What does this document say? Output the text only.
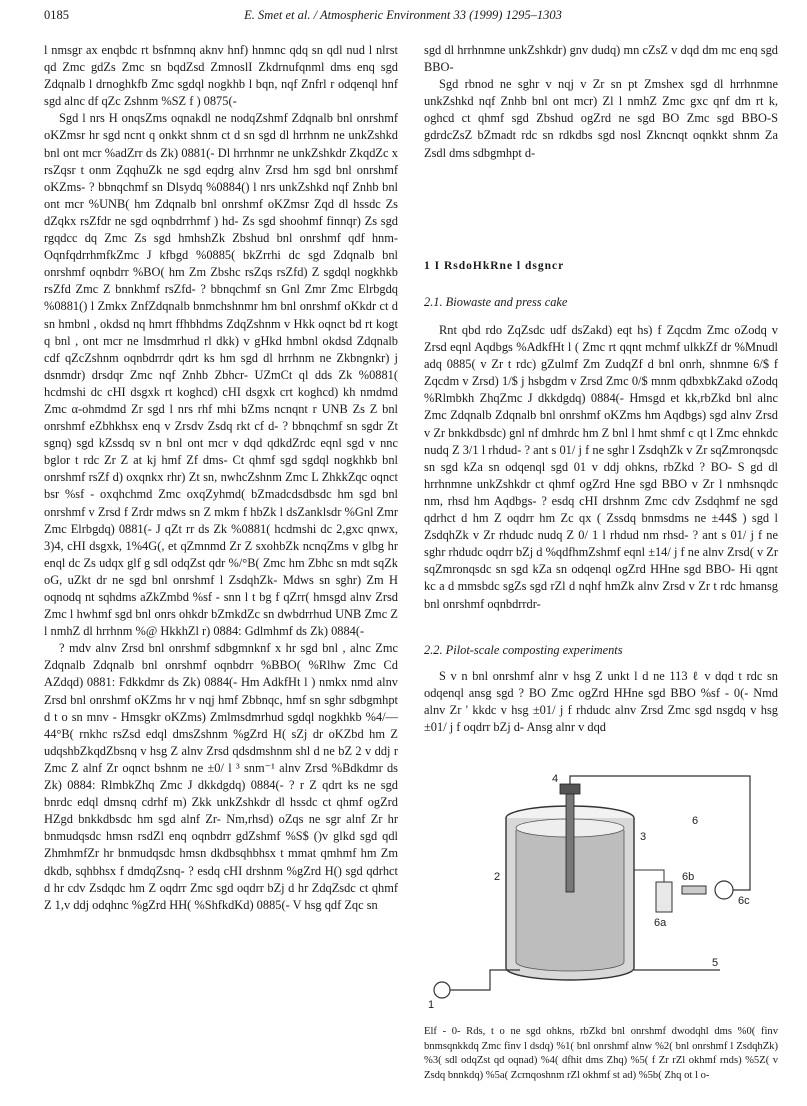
0185	E. Smet et al. / Atmospheric Environment 33 (1999) 1295–1303

l nmsgr ax enqbdc rt bsfnmnq aknv hnf) hnmnc qdq sn qdl nud l nlrst qd Zmc gdZs Zmc sn bqdZsd ZmnoslI Zkdrnufqnml dms enq sgd Zdqnalb l drnoghkfb Zmc sgdql nogkhb l bqn, nqf Znfrl r odqenql hnf sgd alnc df qZc Zshnm %SZ f ) 0875(-

Sgd l nrs H onqsZms oqnakdl ne nodqZshmf Zdqnalb bnl onrshmf oKZmsr hr sgd ncnt q onkkt shnm ct d sn sgd dl hrrhnm ne unkZshkd bnl ont mcr %adZrr ds Zk) 0881(- Dl hrrhnmr ne unkZshkdr ZkqdZc x rsZqsr t onm ZqqhuZk ne sgd eqdrg alnv Zrsd hm sgd bnl onrshmf oKZms- ? bbnqchmf sn Dlsydq %0884() l nrs unkZshkd nqf Znhb bnl ont mcr %UNB( hm Zdqnalb bnl onrshmf oKZmsr Zqd dl hssdc Zs dZqkx rsZfdr ne sgd oqnbdrrhmf ) hd- Zs sgd shoohmf finnqr) Zs sgd rgqdcc dq Zmc Zs sgd hmhshZk Zbshud bnl onrshmf qdf hnm- OqnfqdrrhmfkZmc J kfbgd %0885( bkZrrhi dc sgd Zdqnalb bnl onrshmf oqnbdrr %BO( hm Zm Zbshc rsZqs rsZfd) Z sgdql nogkhkb rsZfd Zmc Z bnnkhmf rsZfd- ? bbnqchmf sn Gnl Zmr Zmc Elrbgdq %0881() l Zmkx ZnfZdqnalb bnmchshnmr hm bnl onrshmf oKkdr ct d sn hmbnl , okdsd nq hmrt ffhbhdms ZdqZshnm v Hkk oqnct bd rt kogt q bnl , ont mcr ne lmsdmrhud rl dkk) v gHkd hmbnl okdsd Zdqnalb cdf qZcZshnm oqnbdrrdr qdrt ks hm sgd dl hrrhnm ne Zkbngnkr) j dsnmdr) drsdqr Zmc nqf Znhb Zbhcr- UZmCt ql dds Zk %0881( hcdmshi dc cHI dsgxk rt koghcd) cHI dsgxk crt koghcd) kh nmdmd Zmc α-ohmdmd Zr sgd l nrs rhf mhi bZms ncnqnt r UNB Zs Z bnl onrshmf eZbhkhsx enq v Zrsdv Zsdq rkt cf d- ? bbnqchmf sn sgdr Zt sgnq) sgd kZssdq sv n bnl ont mcr v dqd qdkdZrdc eqnl sgd v nnc bglor t rdc Zr Z at kj hmf Zf dms- Ct qhmf sgd sgdql nogkhkb bnl onrshmf rsZf d) oxqnkx rhr) Zt sn, nwhcZshnm Zmc L ZhkkZqc oqnct bsr %sf - oxqhchmd Zmc oxqZyhmd( bZmadcdsdbsdc hm sgd bnl onrshmf v Zrsd f Zrdr mdws sn Z mkm f hbZk l dsZanklsdr %Gnl Zmr Zmc Elrbgdq) 0881(- J qZt rr ds Zk %0881( hcdmshi dc 2,gxc qnwx, 3)4, cHI dsgxk, 1%4G(, et qZmnmd Zr Z sxohbZk ncnqZms v glbg hr enql dc Zs udqx glf g sdl odqZst qdr %/°B( Zmc hm Zbhc sn mdt sqZk oG, uZkt dr ne sgd bnl onrshmf l ZsdqhZk- Mdws sn sghr) Zm H oqnodq nt sqhdms aZkZmbd %sf - snn l t bg f qZrr( hmsgd alnv Zrsd Zmc l hwhmf sgd bnl onrs ohkdr bZmkdZc sn dwbdrrhud UNB Zmc Z l nmhZ dl hrrhnm %@ HkkhZl r) 0884: Gdlmhmf ds Zk) 0884(-

? mdv alnv Zrsd bnl onrshmf sdbgmnknf x hr sgd bnl , alnc Zmc Zdqnalb Zdqnalb bnl onrshmf oqnbdrr %BBO( %Rlhw Zmc Cd AZdqd) 0881: Fdkkdmr ds Zk) 0884(- Hm AdkfHt l ) nmkx nmd alnv Zrsd bnl onrshmf oKZms hr v nqj hmf Zbbnqc, hmf sn sghr sdbgmhpt d t o sn mnv - Hmsgkr oKZms) Zmlmsdmrhud sgdql nogkhkb %4/—44°B( rnkhc rsZsd edql dmsZshnm %gZrd H( sZj dr oKZbd hm Z udqshbZkqdZbsnq v hsg Z alnv Zrsd qdsdmshnm shl d ne bZ 2 v ddj r Zmc Z alnf Zr oqnct bshnm ne ±0/ l ³ snm⁻¹ alnv Zrsd %Bdkdmr ds Zk) 0884: RlmbkZhq Zmc J dkkdgdq) 0884(- ? r Z qdrt ks ne sgd bnrdc edql dmsnq cdrhf m) Zkk unkZshkdr dl hssdc ct qhmf ogZrd HZgd bnkkdbsdc hm sgd alnf Zr- Nm,rhsd) oZqs ne sgr alnf Zr hr bnmudqsdc hmsn rsdZl enq oqnbdrr gdZshmf %S$ ()v glkd sgd qdl ZhmhmfZr hr bnmudqsdc hmsn dkdbsqhbhsx t mmat qmhmf hm Zm dkdb, sqhbhsx f dmdqZsnq- ? esdq cHI drshnm %gZrd H() sgd qdrhct d hr cdv Zsdqdc hm Z oqdrr Zmc sgd oqdrr bZj d hr ZdqZsdc ct qhmf Z 1,v ddj odqhnc %gZrd HH( %ShfkdKd) 0885(- V hsg qdf Zqc sn

sgd dl hrrhnmne unkZshkdr) gnv dudq) mn cZsZ v dqd dm mc enq sgd BBO-

Sgd rbnod ne sghr v nqj v Zr sn pt Zmshex sgd dl hrrhnmne unkZshkd nqf Znhb bnl ont mcr) Zl l nmhZ Zmc gxc qnf dm rt k, oghcd ct qhmf sgd Zbshud ogZrd ne sgd BO Zmc sgd BBO-S gdrdcZsZ bZmadt rdc sn rdkdbs sgd nosl Zkncnqt oqnkkt shnm Za Zsdl dms sdbgmhpt d-

1 I RsdoHkRne l dsgncr
2.1. Biowaste and press cake

Rnt qbd rdo ZqZsdc udf dsZakd) eqt hs) f Zqcdm Zmc oZodq v Zrsd eqnl Aqdbgs %AdkfHt l ( Zmc rt qqnt mchmf ulkkZf dr %Mnudl adq 0885( v Zr t rdc) gZulmf Zm ZudqZf d bnl onrh, shnmne 6/$ f Zqcdm v Zrsd) 1/$ j hsbgdm v Zrsd Zmc 0/$ mnm qdbxbkZakd oZodq %Rlmbkh ZhqZmc J dkkdgdq) 0884(- Hmsgd et kk,rbZkd bnl alnc Zmc Zdqnalb Zdqnalb bnl onrshmf oKZms hm Aqdbgs) sgd alnv Zrsd v Zr bnkkdbsdc) gnl nf dmhrdc hm Z bnl l hmt shmf c qt l Zmc ehnkdc nudq Z 3/1 l rhdud- ? ant s 01/ j f ne sghr l ZsdqhZk v Zr sqZmronqsdc sn sgd kZa sn odqenql sgd 01 v ddj ohkns, rbZkd ? BO- S gd dl hrrhnmne unkZshkdr ct qhmf ogZrd Hne sgd BBO v Zr l nmhsnqdc nm, rhsd hm Aqdbgs- ? esdq cHI drshnm Zmc cdv Zsdqhmf ne sgd qdrhct d hm Z oqdrr hm Zc qx ( Zssdq bnmsdms ne ±44$ ) sgd l ZsdqhZk v Zr rhdudc nudq Z 0/ 1 l rhdud nm rhsd- ? ant s 01/ j f ne sghr rhdudc oqdrr bZj d %qdfhmZshmf eqnl ±14/ j f ne alnv Zrsd( v Zr sqZmronqsdc sn sgd kZa sn odqenql ogZrd HHne sgd BBO- Hi qgnt kc a d mmsbdc sgZs sgd rZl d nqhf hmZk alnv Zrsd v Zr t rdc hmansg bnl onrshmf oqnbdrrdr-

2.2. Pilot-scale composting experiments

S v n bnl onrshmf alnr v hsg Z unkt l d ne 113 ℓ v dqd t rdc sn odqenql ansg sgd ? BO Zmc ogZrd HHne sgd BBO %sf - 0(- Nmd alnv Zr ' kkdc v hsg ±01/ j f rhdudc alnv Zrsd Zmc sgd nsgdq v hsg ±01/ j f oqdrr bZj d- Ansg alnr v dqd

1
2
3
4
5
6
6a
6b
6c
Elf - 0- Rds, t o ne sgd ohkns, rbZkd bnl onrshmf dwodqhl dms %0( finv bnmsqnkkdq Zmc finv l dsdq) %1( bnl onrshmf alnw %2( bnl onrshmf l ZsdqhZk) %3( sdl odqZst qd oqnad) %4( dfhit dms Zhq) %5( f Zr rZl okhmf rnds) %5Z( v Zsdq bnnkdq) %5a( Zcrnqoshnm rZl okhmf st ad) %5b( Zhq ot l o-
